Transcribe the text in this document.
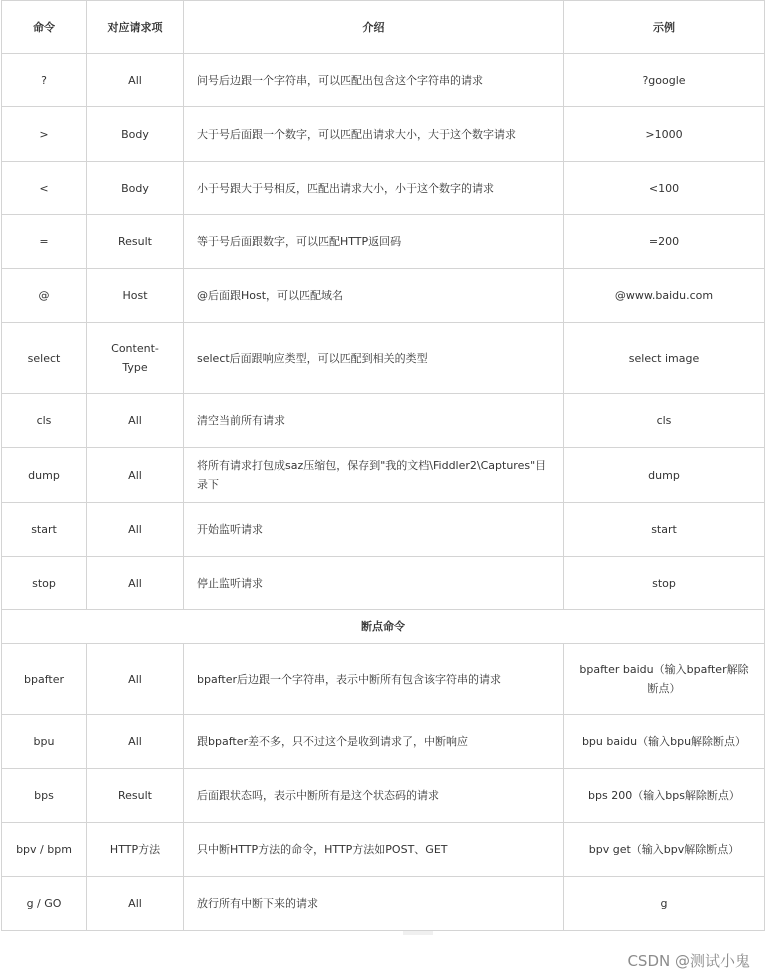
命令	对应请求项	介绍	示例
?	All	问号后边跟一个字符串，可以匹配出包含这个字符串的请求	?google
>	Body	大于号后面跟一个数字，可以匹配出请求大小，大于这个数字请求	>1000
<	Body	小于号跟大于号相反，匹配出请求大小，小于这个数字的请求	<100
=	Result	等于号后面跟数字，可以匹配HTTP返回码	=200
@	Host	@后面跟Host，可以匹配域名	@www.baidu.com
select	Content-Type	select后面跟响应类型，可以匹配到相关的类型	select image
cls	All	清空当前所有请求	cls
dump	All	将所有请求打包成saz压缩包，保存到"我的文档\Fiddler2\Captures"目录下	dump
start	All	开始监听请求	start
stop	All	停止监听请求	stop
断点命令			
bpafter	All	bpafter后边跟一个字符串，表示中断所有包含该字符串的请求	bpafter baidu（输入bpafter解除断点）
bpu	All	跟bpafter差不多，只不过这个是收到请求了，中断响应	bpu baidu（输入bpu解除断点）
bps	Result	后面跟状态吗，表示中断所有是这个状态码的请求	bps 200（输入bps解除断点）
bpv / bpm	HTTP方法	只中断HTTP方法的命令，HTTP方法如POST、GET	bpv get（输入bpv解除断点）
g / GO	All	放行所有中断下来的请求	g
CSDN @测试小鬼
